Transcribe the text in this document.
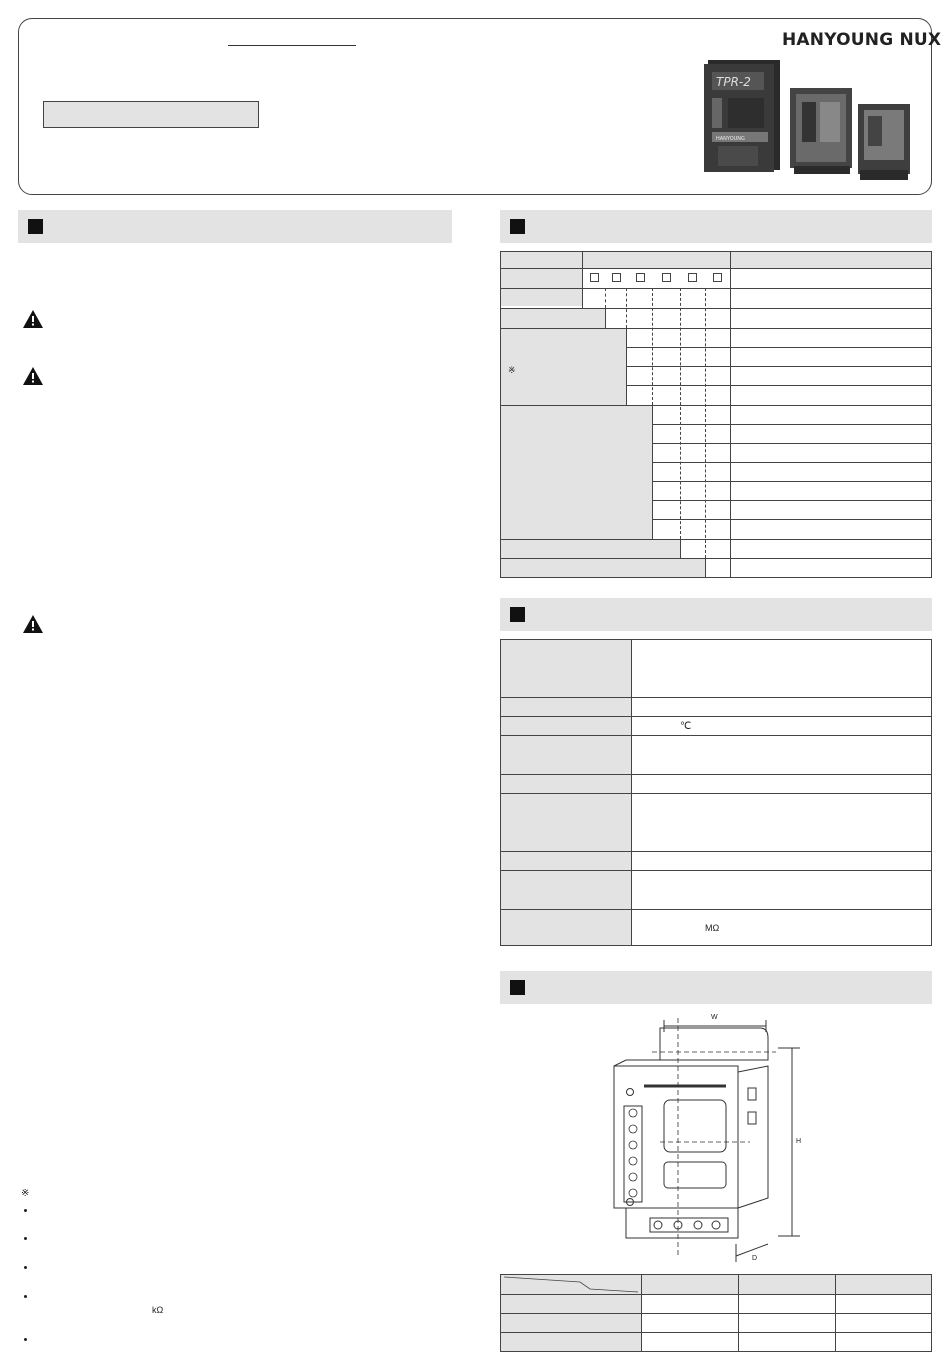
HANYOUNG NUX
TPR-2
HANYOUNG
※
kΩ
※
℃
MΩ
W
H
D
